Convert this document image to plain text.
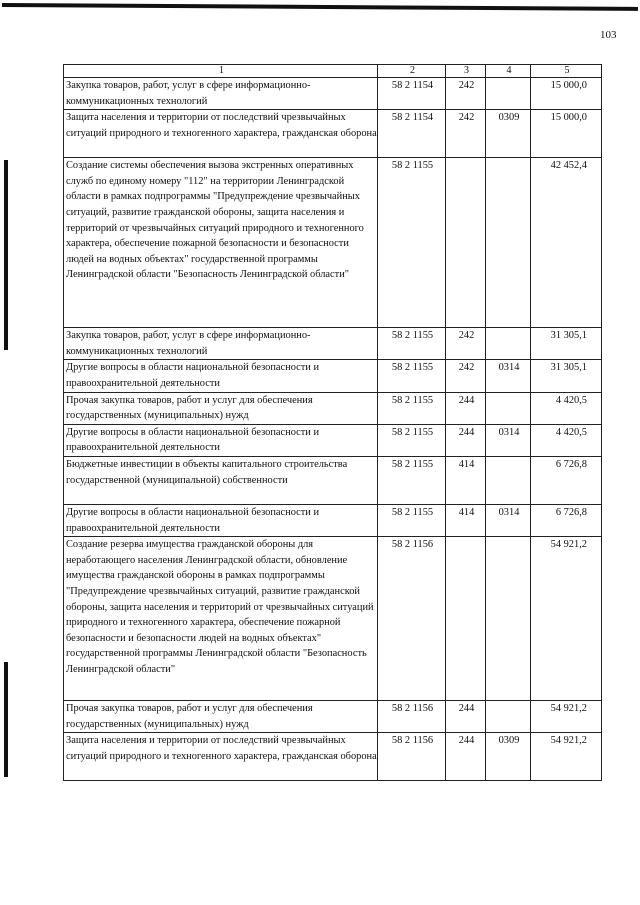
103
1	2	3	4	5
Закупка товаров, работ, услуг в сфере информационно-коммуникационных технологий	58 2 1154	242		15 000,0
Защита населения и территории от последствий чрезвычайных ситуаций природного и техногенного характера, гражданская оборона	58 2 1154	242	0309	15 000,0
Создание системы обеспечения вызова экстренных оперативных служб по единому номеру "112" на территории Ленинградской области в рамках подпрограммы "Предупреждение чрезвычайных ситуаций, развитие гражданской обороны, защита населения и территорий от чрезвычайных ситуаций природного и техногенного характера, обеспечение пожарной безопасности и безопасности людей на водных объектах" государственной программы Ленинградской области "Безопасность Ленинградской области"	58 2 1155			42 452,4
Закупка товаров, работ, услуг в сфере информационно-коммуникационных технологий	58 2 1155	242		31 305,1
Другие вопросы в области национальной безопасности и правоохранительной деятельности	58 2 1155	242	0314	31 305,1
Прочая закупка товаров, работ и услуг для обеспечения государственных (муниципальных) нужд	58 2 1155	244		4 420,5
Другие вопросы в области национальной безопасности и правоохранительной деятельности	58 2 1155	244	0314	4 420,5
Бюджетные инвестиции в объекты капитального строительства государственной (муниципальной) собственности	58 2 1155	414		6 726,8
Другие вопросы в области национальной безопасности и правоохранительной деятельности	58 2 1155	414	0314	6 726,8
Создание резерва имущества гражданской обороны для неработающего населения Ленинградской области, обновление имущества гражданской обороны в рамках подпрограммы "Предупреждение чрезвычайных ситуаций, развитие гражданской обороны, защита населения и территорий от чрезвычайных ситуаций природного и техногенного характера, обеспечение пожарной безопасности и безопасности людей на водных объектах" государственной программы Ленинградской области "Безопасность Ленинградской области"	58 2 1156			54 921,2
Прочая закупка товаров, работ и услуг для обеспечения государственных (муниципальных) нужд	58 2 1156	244		54 921,2
Защита населения и территории от последствий чрезвычайных ситуаций природного и техногенного характера, гражданская оборона	58 2 1156	244	0309	54 921,2
